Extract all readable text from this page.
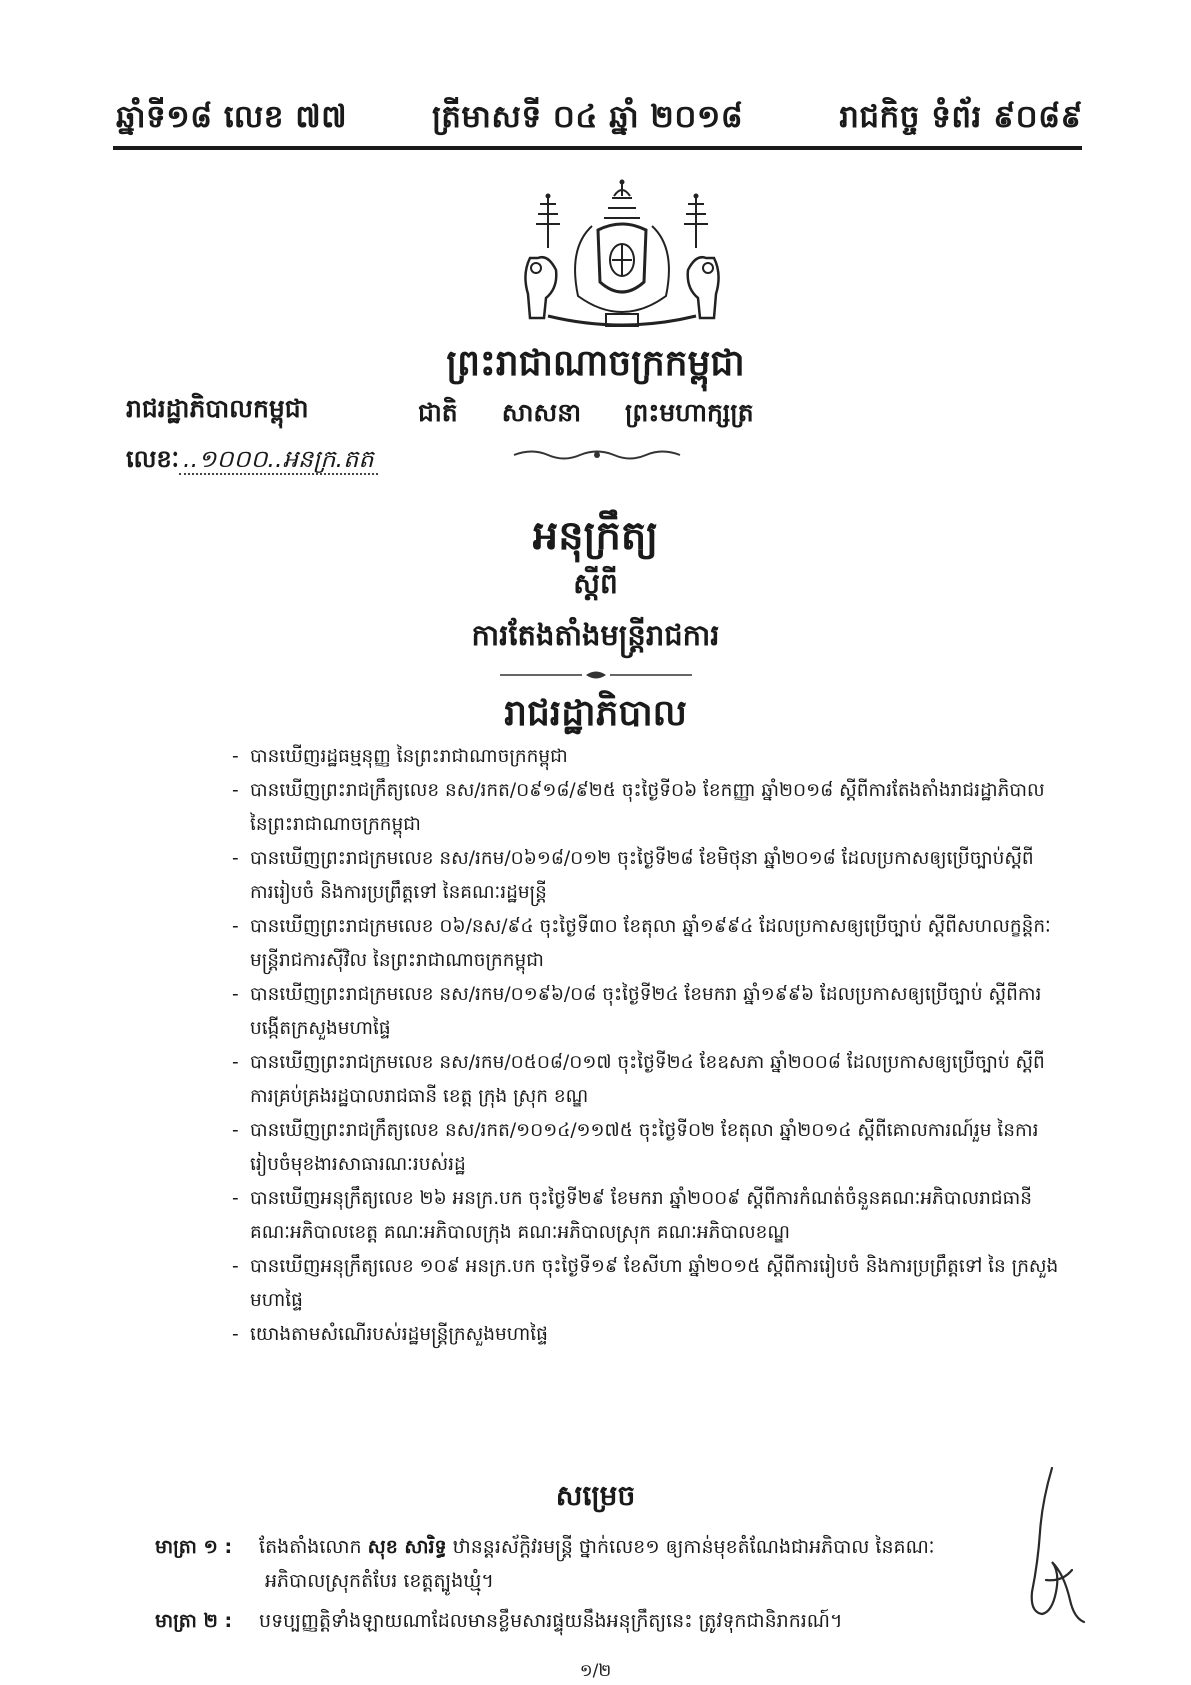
ឆ្នាំទី១៨ លេខ ៧៧	ត្រីមាសទី ០៤ ឆ្នាំ ២០១៨	រាជកិច្ច ទំព័រ ៩០៨៩
ព្រះរាជាណាចក្រកម្ពុជា
ជាតិ សាសនា ព្រះមហាក្សត្រ
រាជរដ្ឋាភិបាលកម្ពុជា
លេខៈ ..១០០០..អនក្រ.តត
អនុក្រឹត្យ
ស្តីពី
ការតែងតាំងមន្ត្រីរាជការ
រាជរដ្ឋាភិបាល
- បានឃើញរដ្ឋធម្មនុញ្ញ នៃព្រះរាជាណាចក្រកម្ពុជា
- បានឃើញព្រះរាជក្រឹត្យលេខ នស/រកត/០៩១៨/៩២៥ ចុះថ្ងៃទី០៦ ខែកញ្ញា ឆ្នាំ២០១៨ ស្តីពីការតែងតាំងរាជរដ្ឋាភិបាល នៃព្រះរាជាណាចក្រកម្ពុជា
- បានឃើញព្រះរាជក្រមលេខ នស/រកម/០៦១៨/០១២ ចុះថ្ងៃទី២៨ ខែមិថុនា ឆ្នាំ២០១៨ ដែលប្រកាសឲ្យប្រើច្បាប់ស្តីពី ការរៀបចំ និងការប្រព្រឹត្តទៅ នៃគណៈរដ្ឋមន្ត្រី
- បានឃើញព្រះរាជក្រមលេខ ០៦/នស/៩៤ ចុះថ្ងៃទី៣០ ខែតុលា ឆ្នាំ១៩៩៤ ដែលប្រកាសឲ្យប្រើច្បាប់ ស្តីពីសហលក្ខន្តិកៈ មន្ត្រីរាជការស៊ីវិល នៃព្រះរាជាណាចក្រកម្ពុជា
- បានឃើញព្រះរាជក្រមលេខ នស/រកម/០១៩៦/០៨ ចុះថ្ងៃទី២៤ ខែមករា ឆ្នាំ១៩៩៦ ដែលប្រកាសឲ្យប្រើច្បាប់ ស្តីពីការបង្កើតក្រសួងមហាផ្ទៃ
- បានឃើញព្រះរាជក្រមលេខ នស/រកម/០៥០៨/០១៧ ចុះថ្ងៃទី២៤ ខែឧសភា ឆ្នាំ២០០៨ ដែលប្រកាសឲ្យប្រើច្បាប់ ស្តីពីការគ្រប់គ្រងរដ្ឋបាលរាជធានី ខេត្ត ក្រុង ស្រុក ខណ្ឌ
- បានឃើញព្រះរាជក្រឹត្យលេខ នស/រកត/១០១៤/១១៧៥ ចុះថ្ងៃទី០២ ខែតុលា ឆ្នាំ២០១៤ ស្តីពីគោលការណ៍រួម នៃការ រៀបចំមុខងារសាធារណៈរបស់រដ្ឋ
- បានឃើញអនុក្រឹត្យលេខ ២៦ អនក្រ.បក ចុះថ្ងៃទី២៩ ខែមករា ឆ្នាំ២០០៩ ស្តីពីការកំណត់ចំនួនគណៈអភិបាលរាជធានី គណៈអភិបាលខេត្ត គណៈអភិបាលក្រុង គណៈអភិបាលស្រុក គណៈអភិបាលខណ្ឌ
- បានឃើញអនុក្រឹត្យលេខ ១០៩ អនក្រ.បក ចុះថ្ងៃទី១៩ ខែសីហា ឆ្នាំ២០១៥ ស្តីពីការរៀបចំ និងការប្រព្រឹត្តទៅ នៃ ក្រសួងមហាផ្ទៃ
- យោងតាមសំណើរបស់រដ្ឋមន្ត្រីក្រសួងមហាផ្ទៃ
សម្រេច
មាត្រា ១ : តែងតាំងលោក សុខ សារិទ្ធ ឋានន្តរស័ក្តិវរមន្ត្រី ថ្នាក់លេខ១ ឲ្យកាន់មុខតំណែងជាអភិបាល នៃគណៈ
អភិបាលស្រុកតំបែរ ខេត្តត្បូងឃ្មុំ។
មាត្រា ២ : បទប្បញ្ញត្តិទាំងឡាយណាដែលមានខ្លឹមសារផ្ទុយនឹងអនុក្រឹត្យនេះ ត្រូវទុកជានិរាករណ៍។
១/២
